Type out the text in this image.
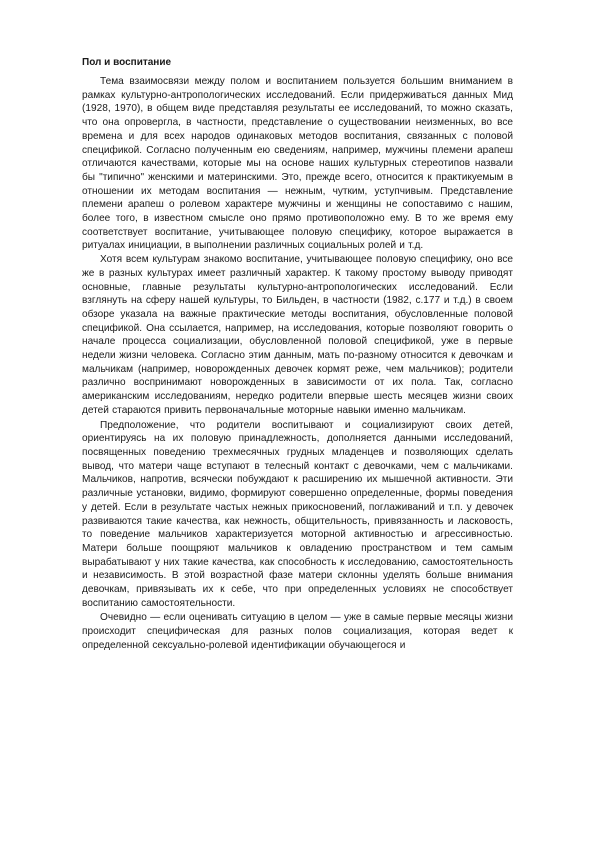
Пол и воспитание

Тема взаимосвязи между полом и воспитанием пользуется большим вниманием в рамках культурно-антропологических исследований. Если придерживаться данных Мид (1928, 1970), в общем виде представляя результаты ее исследований, то можно сказать, что она опровергла, в частности, представление о существовании неизменных, во все времена и для всех народов одинаковых методов воспитания, связанных с половой спецификой. Согласно полученным ею сведениям, например, мужчины племени арапеш отличаются качествами, которые мы на основе наших культурных стереотипов назвали бы "типично" женскими и материнскими. Это, прежде всего, относится к практикуемым в отношении их методам воспитания — нежным, чутким, уступчивым. Представление племени арапеш о ролевом характере мужчины и женщины не сопоставимо с нашим, более того, в известном смысле оно прямо противоположно ему. В то же время ему соответствует воспитание, учитывающее половую специфику, которое выражается в ритуалах инициации, в выполнении различных социальных ролей и т.д.

Хотя всем культурам знакомо воспитание, учитывающее половую специфику, оно все же в разных культурах имеет различный характер. К такому простому выводу приводят основные, главные результаты культурно-антропологических исследований. Если взглянуть на сферу нашей культуры, то Бильден, в частности (1982, с.177 и т.д.) в своем обзоре указала на важные практические методы воспитания, обусловленные половой спецификой. Она ссылается, например, на исследования, которые позволяют говорить о начале процесса социализации, обусловленной половой спецификой, уже в первые недели жизни человека. Согласно этим данным, мать по-разному относится к девочкам и мальчикам (например, новорожденных девочек кормят реже, чем мальчиков); родители различно воспринимают новорожденных в зависимости от их пола. Так, согласно американским исследованиям, нередко родители впервые шесть месяцев жизни своих детей стараются привить первоначальные моторные навыки именно мальчикам.

Предположение, что родители воспитывают и социализируют своих детей, ориентируясь на их половую принадлежность, дополняется данными исследований, посвященных поведению трехмесячных грудных младенцев и позволяющих сделать вывод, что матери чаще вступают в телесный контакт с девочками, чем с мальчиками. Мальчиков, напротив, всячески побуждают к расширению их мышечной активности. Эти различные установки, видимо, формируют совершенно определенные, формы поведения у детей. Если в результате частых нежных прикосновений, поглаживаний и т.п. у девочек развиваются такие качества, как нежность, общительность, привязанность и ласковость, то поведение мальчиков характеризуется моторной активностью и агрессивностью. Матери больше поощряют мальчиков к овладению пространством и тем самым вырабатывают у них такие качества, как способность к исследованию, самостоятельность и независимость. В этой возрастной фазе матери склонны уделять больше внимания девочкам, привязывать их к себе, что при определенных условиях не способствует воспитанию самостоятельности.

Очевидно — если оценивать ситуацию в целом — уже в самые первые месяцы жизни происходит специфическая для разных полов социализация, которая ведет к определенной сексуально-ролевой идентификации обучающегося и
